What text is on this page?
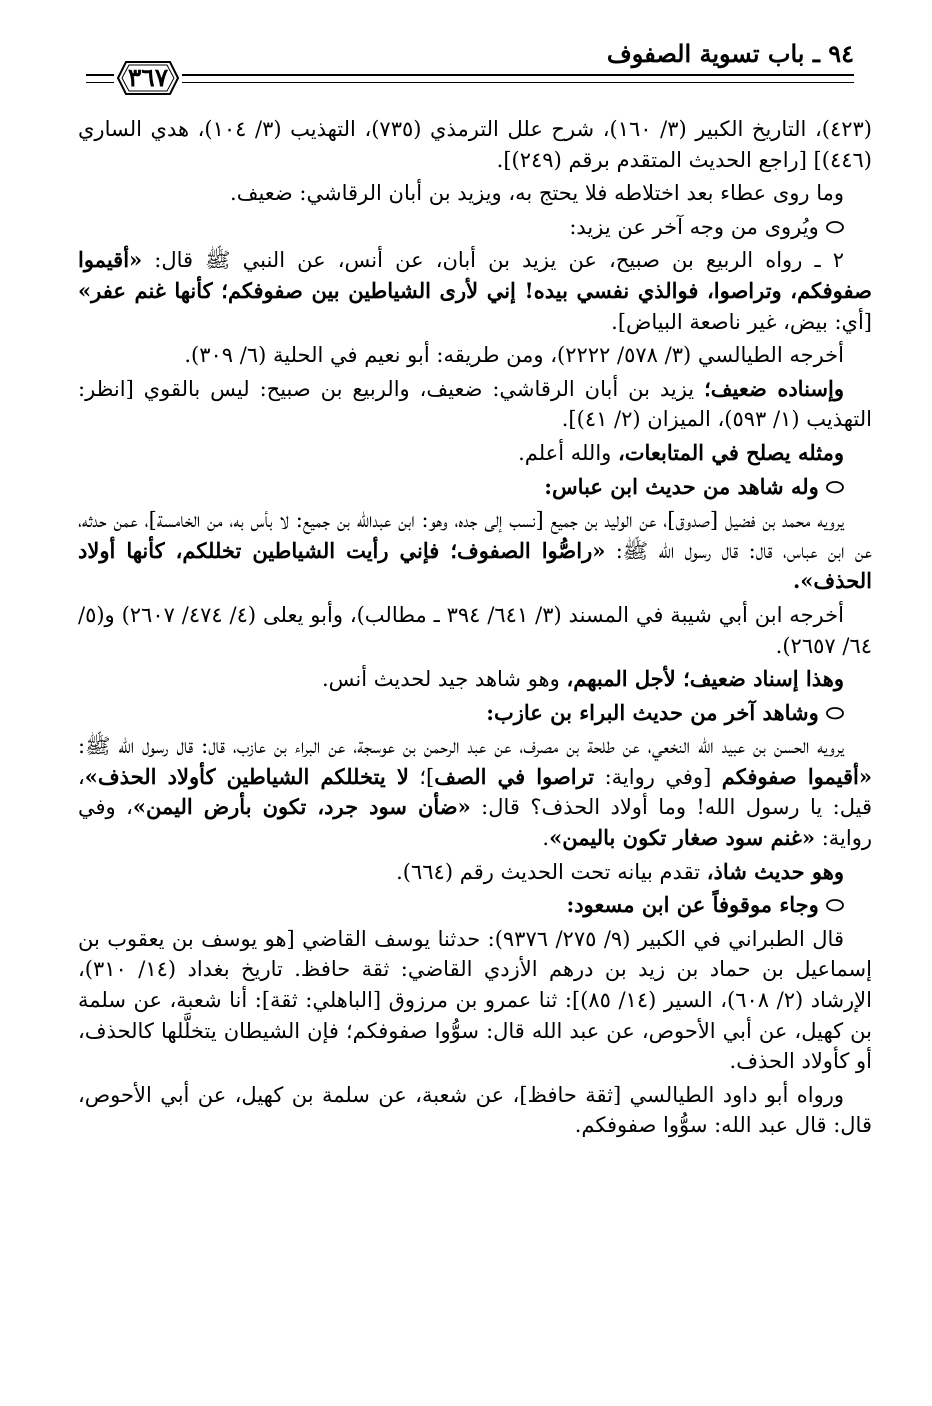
٩٤ ـ باب تسوية الصفوف
٣٦٧

(٤٢٣)، التاريخ الكبير (٣/ ١٦٠)، شرح علل الترمذي (٧٣٥)، التهذيب (٣/ ١٠٤)، هدي الساري (٤٤٦)] [راجع الحديث المتقدم برقم (٢٤٩)].

وما روى عطاء بعد اختلاطه فلا يحتج به، ويزيد بن أبان الرقاشي: ضعيف.

⬭ ويُروى من وجه آخر عن يزيد:

٢ ـ رواه الربيع بن صبيح، عن يزيد بن أبان، عن أنس، عن النبي ﷺ قال: «أقيموا صفوفكم، وتراصوا، فوالذي نفسي بيده! إني لأرى الشياطين بين صفوفكم؛ كأنها غنم عفر» [أي: بيض، غير ناصعة البياض].

أخرجه الطيالسي (٣/ ٥٧٨/ ٢٢٢٢)، ومن طريقه: أبو نعيم في الحلية (٦/ ٣٠٩).

وإسناده ضعيف؛ يزيد بن أبان الرقاشي: ضعيف، والربيع بن صبيح: ليس بالقوي [انظر: التهذيب (١/ ٥٩٣)، الميزان (٢/ ٤١)].

ومثله يصلح في المتابعات، والله أعلم.

⬭ وله شاهد من حديث ابن عباس:

يرويه محمد بن فضيل [صدوق]، عن الوليد بن جميع [نسب إلى جده، وهو: ابن عبدالله بن جميع: لا بأس به، من الخامسة]، عمن حدثه، عن ابن عباس، قال: قال رسول الله ﷺ: «راصُّوا الصفوف؛ فإني رأيت الشياطين تخللكم، كأنها أولاد الحذف».

أخرجه ابن أبي شيبة في المسند (٣/ ٦٤١/ ٣٩٤ ـ مطالب)، وأبو يعلى (٤/ ٤٧٤/ ٢٦٠٧) و(٥/ ٦٤/ ٢٦٥٧).

وهذا إسناد ضعيف؛ لأجل المبهم، وهو شاهد جيد لحديث أنس.

⬭ وشاهد آخر من حديث البراء بن عازب:

يرويه الحسن بن عبيد الله النخعي، عن طلحة بن مصرف، عن عبد الرحمن بن عوسجة، عن البراء بن عازب، قال: قال رسول الله ﷺ: «أقيموا صفوفكم [وفي رواية: تراصوا في الصف]؛ لا يتخللكم الشياطين كأولاد الحذف»، قيل: يا رسول الله! وما أولاد الحذف؟ قال: «ضأن سود جرد، تكون بأرض اليمن»، وفي رواية: «غنم سود صغار تكون باليمن».

وهو حديث شاذ، تقدم بيانه تحت الحديث رقم (٦٦٤).

⬭ وجاء موقوفاً عن ابن مسعود:

قال الطبراني في الكبير (٩/ ٢٧٥/ ٩٣٧٦): حدثنا يوسف القاضي [هو يوسف بن يعقوب بن إسماعيل بن حماد بن زيد بن درهم الأزدي القاضي: ثقة حافظ. تاريخ بغداد (١٤/ ٣١٠)، الإرشاد (٢/ ٦٠٨)، السير (١٤/ ٨٥)]: ثنا عمرو بن مرزوق [الباهلي: ثقة]: أنا شعبة، عن سلمة بن كهيل، عن أبي الأحوص، عن عبد الله قال: سوُّوا صفوفكم؛ فإن الشيطان يتخلَّلها كالحذف، أو كأولاد الحذف.

ورواه أبو داود الطيالسي [ثقة حافظ]، عن شعبة، عن سلمة بن كهيل، عن أبي الأحوص، قال: قال عبد الله: سوُّوا صفوفكم.
